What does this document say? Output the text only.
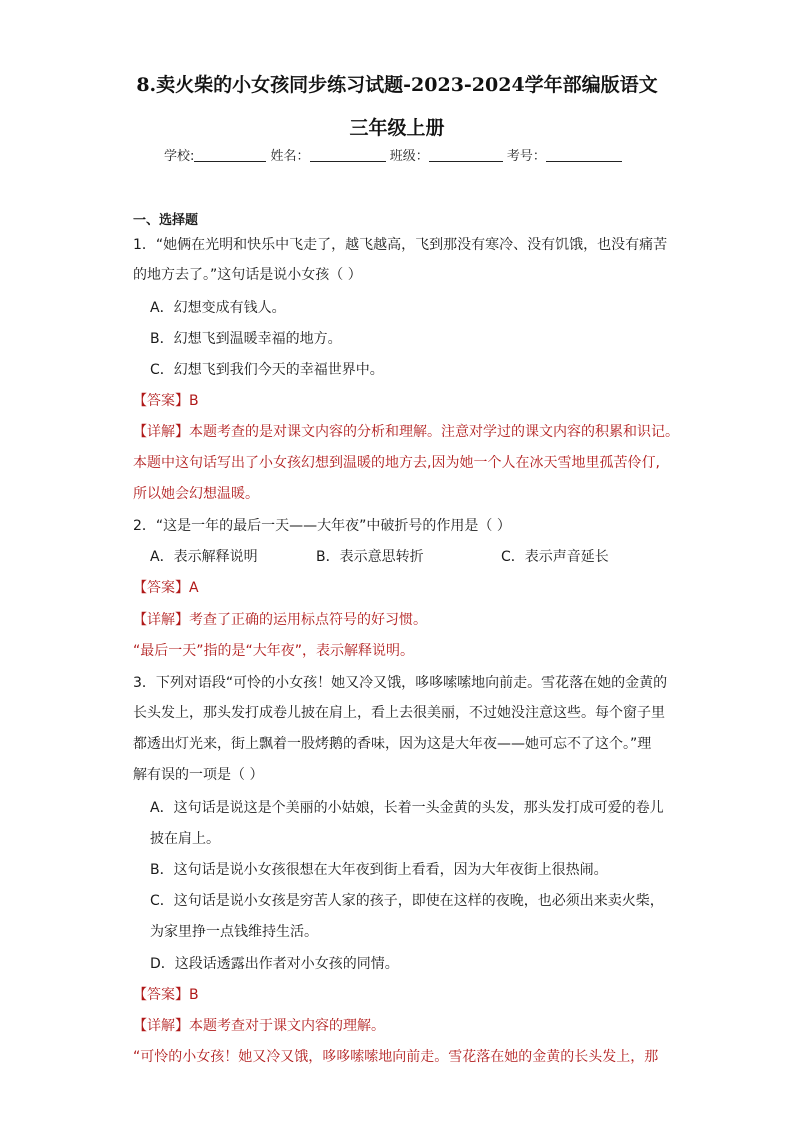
8.卖火柴的小女孩同步练习试题-2023-2024学年部编版语文
三年级上册
学校:	姓名：	班级：	考号：
一、选择题
1．“她俩在光明和快乐中飞走了，越飞越高，飞到那没有寒冷、没有饥饿，也没有痛苦
的地方去了。”这句话是说小女孩（ ）
A．幻想变成有钱人。
B．幻想飞到温暖幸福的地方。
C．幻想飞到我们今天的幸福世界中。
【答案】B
【详解】本题考查的是对课文内容的分析和理解。注意对学过的课文内容的积累和识记。
本题中这句话写出了小女孩幻想到温暖的地方去,因为她一个人在冰天雪地里孤苦伶仃,
所以她会幻想温暖。
2．“这是一年的最后一天——大年夜”中破折号的作用是（ ）
A．表示解释说明	B．表示意思转折	C．表示声音延长
【答案】A
【详解】考查了正确的运用标点符号的好习惯。
“最后一天”指的是“大年夜”，表示解释说明。
3．下列对语段“可怜的小女孩！她又冷又饿，哆哆嗦嗦地向前走。雪花落在她的金黄的
长头发上，那头发打成卷儿披在肩上，看上去很美丽，不过她没注意这些。每个窗子里
都透出灯光来，街上飘着一股烤鹅的香味，因为这是大年夜——她可忘不了这个。”理
解有误的一项是（ ）
A．这句话是说这是个美丽的小姑娘，长着一头金黄的头发，那头发打成可爱的卷儿
披在肩上。
B．这句话是说小女孩很想在大年夜到街上看看，因为大年夜街上很热闹。
C．这句话是说小女孩是穷苦人家的孩子，即使在这样的夜晚，也必须出来卖火柴，
为家里挣一点钱维持生活。
D．这段话透露出作者对小女孩的同情。
【答案】B
【详解】本题考查对于课文内容的理解。
“可怜的小女孩！她又冷又饿，哆哆嗦嗦地向前走。雪花落在她的金黄的长头发上，那
